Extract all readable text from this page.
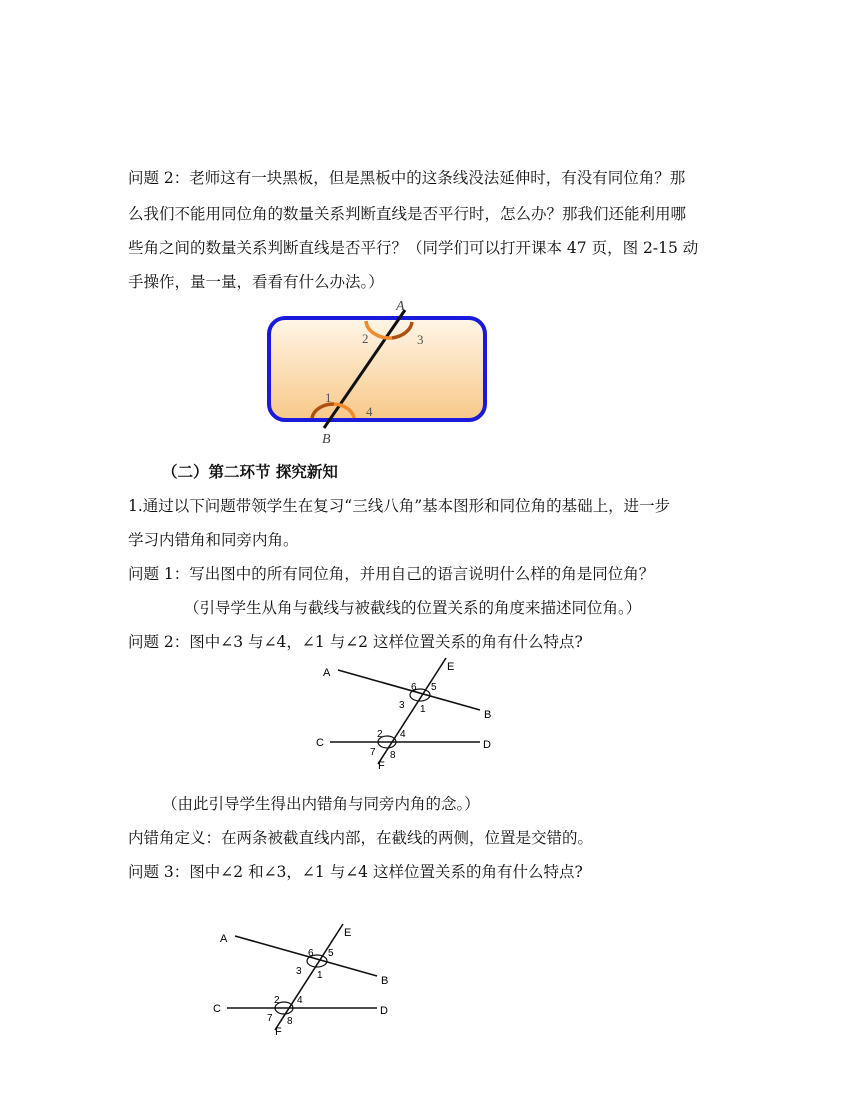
问题 2：老师这有一块黑板，但是黑板中的这条线没法延伸时，有没有同位角？那
么我们不能用同位角的数量关系判断直线是否平行时，怎么办？那我们还能利用哪
些角之间的数量关系判断直线是否平行？（同学们可以打开课本 47 页，图 2-15 动
手操作，量一量，看看有什么办法。）
A
B
2	3
1
4
（二）第二环节 探究新知
1.通过以下问题带领学生在复习“三线八角”基本图形和同位角的基础上，进一步
学习内错角和同旁内角。
问题 1：写出图中的所有同位角，并用自己的语言说明什么样的角是同位角？
（引导学生从角与截线与被截线的位置关系的角度来描述同位角。）
问题 2：图中∠3 与∠4，∠1 与∠2 这样位置关系的角有什么特点?
A
B
C	D
E
F
6 5
3 1
2 4
7 8
（由此引导学生得出内错角与同旁内角的念。）
内错角定义：在两条被截直线内部，在截线的两侧，位置是交错的。
问题 3：图中∠2 和∠3，∠1 与∠4 这样位置关系的角有什么特点?
A
B
C	D
E
F
6 5
3 1
2 4
7 8
